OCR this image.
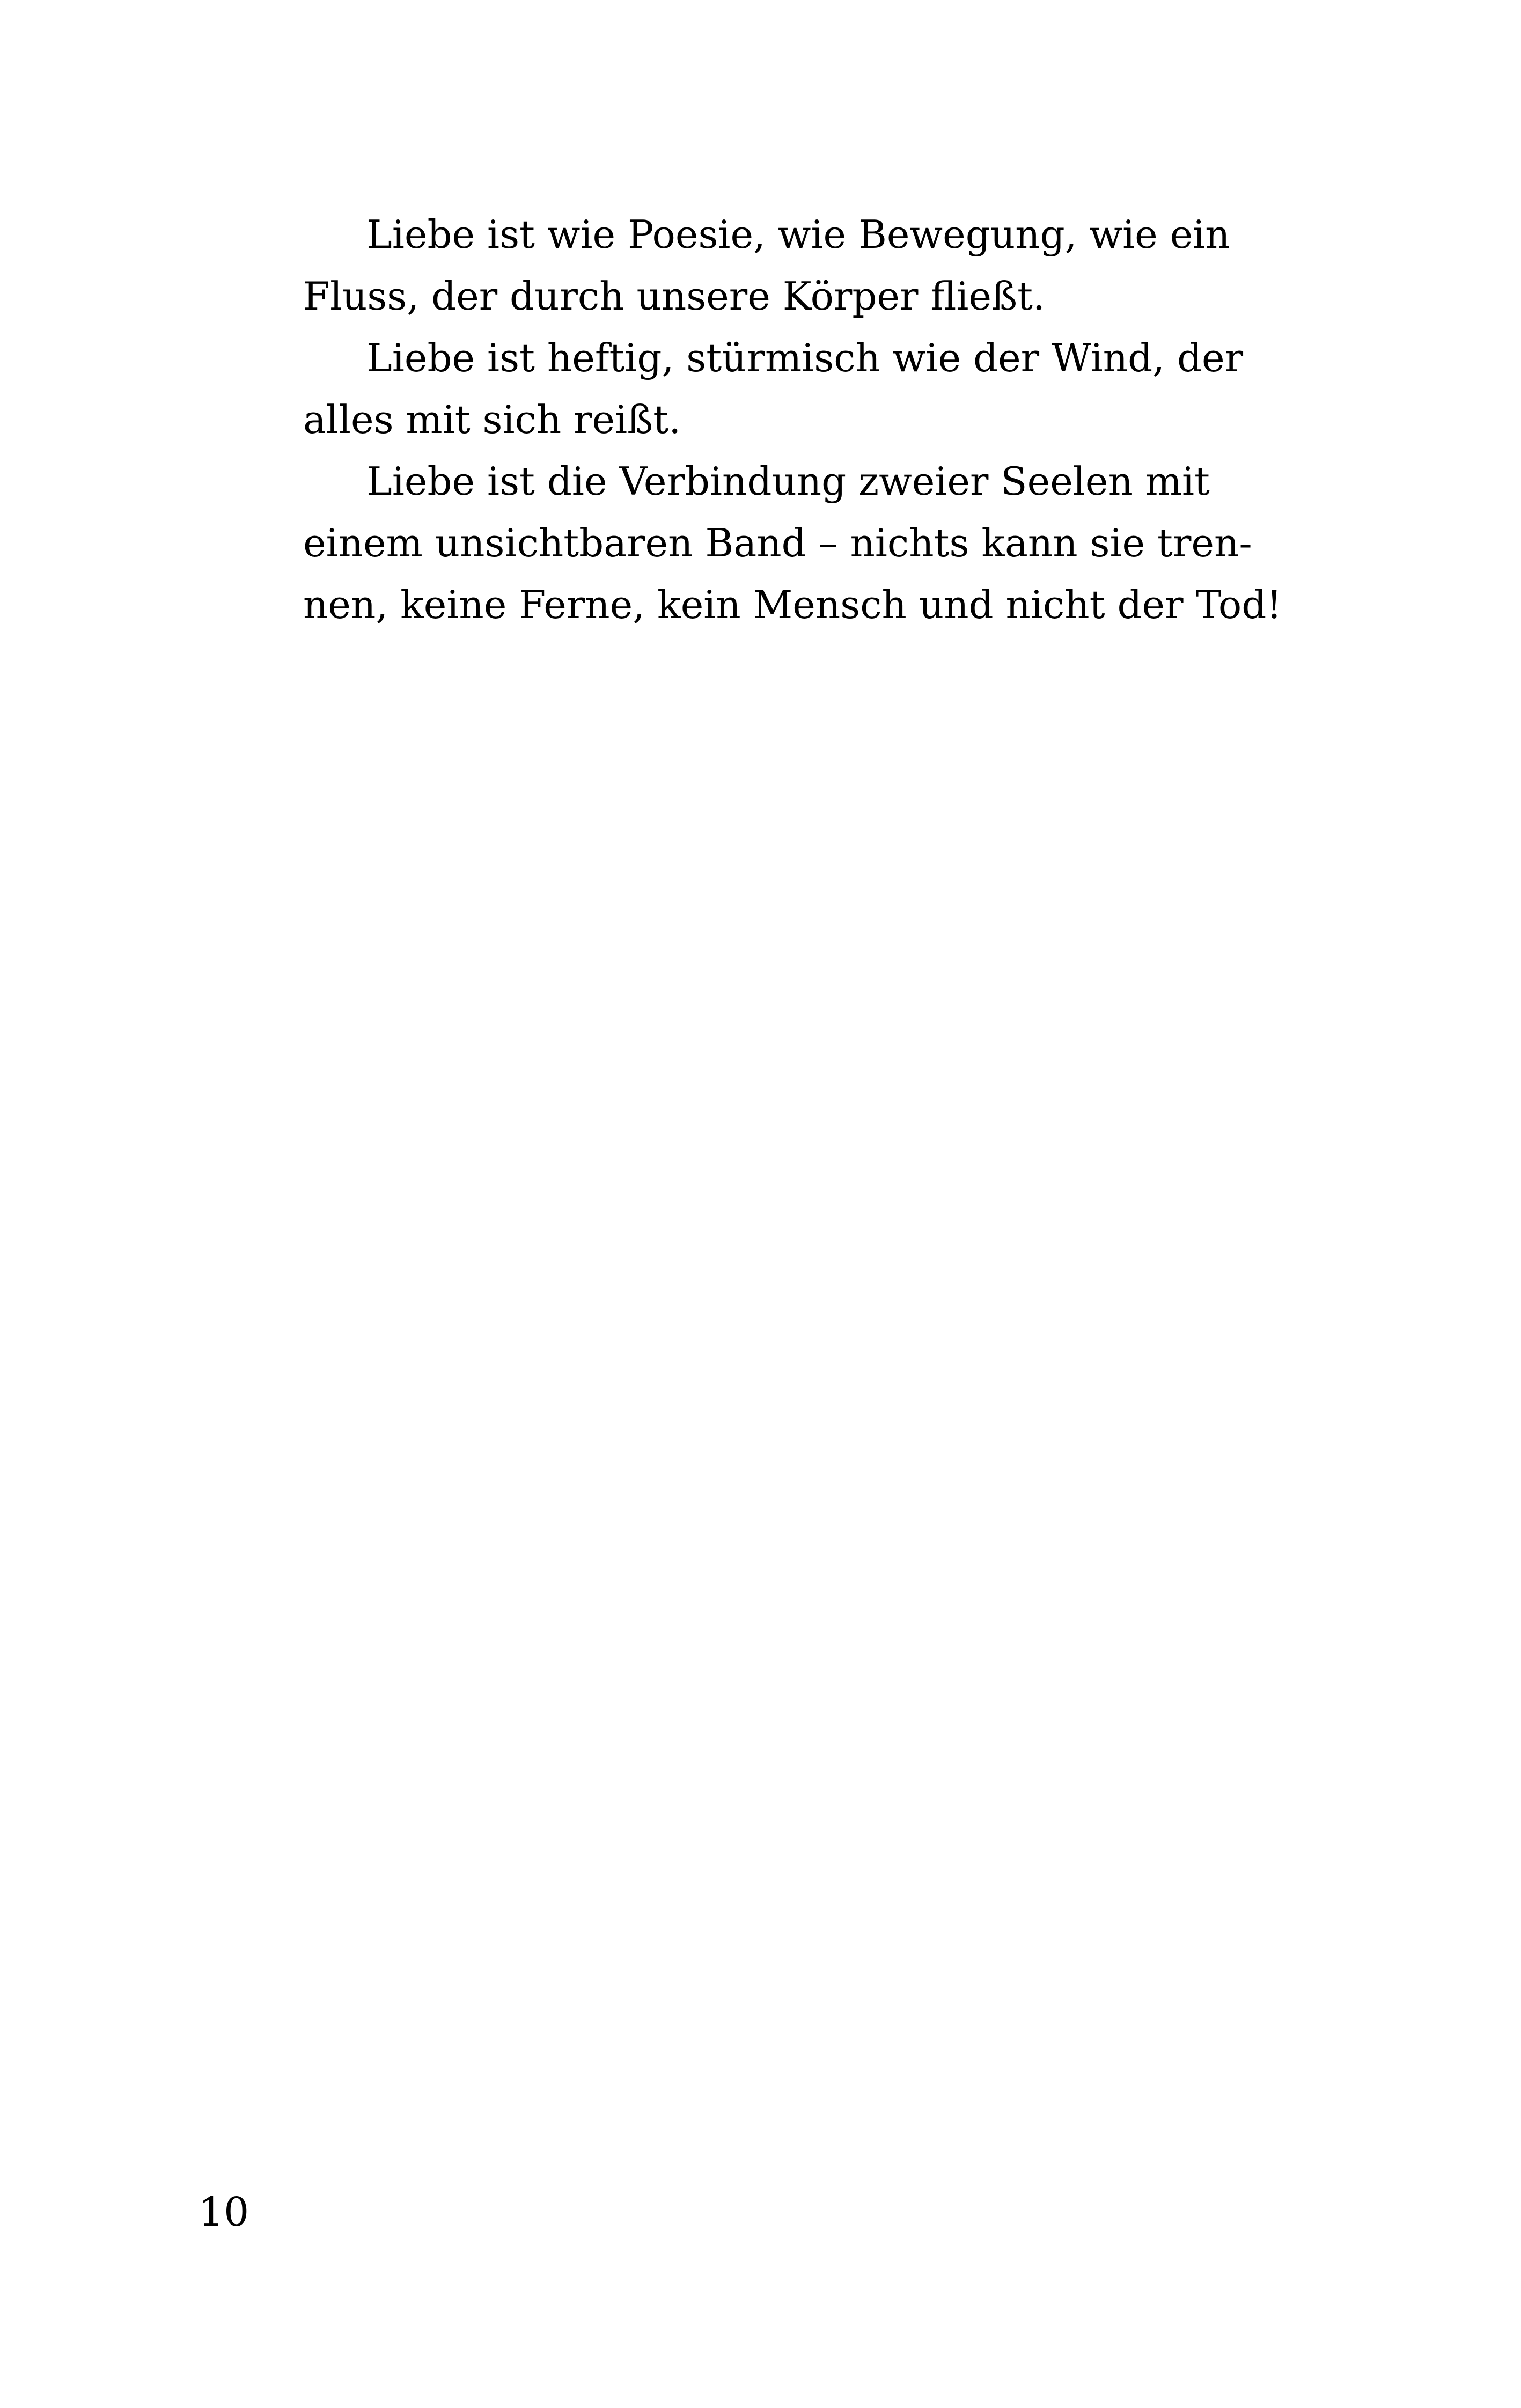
Liebe ist wie Poesie, wie Bewegung, wie ein
Fluss, der durch unsere Körper fließt.

Liebe ist heftig, stürmisch wie der Wind, der
alles mit sich reißt.

Liebe ist die Verbindung zweier Seelen mit
einem unsichtbaren Band – nichts kann sie tren-
nen, keine Ferne, kein Mensch und nicht der Tod!

10
